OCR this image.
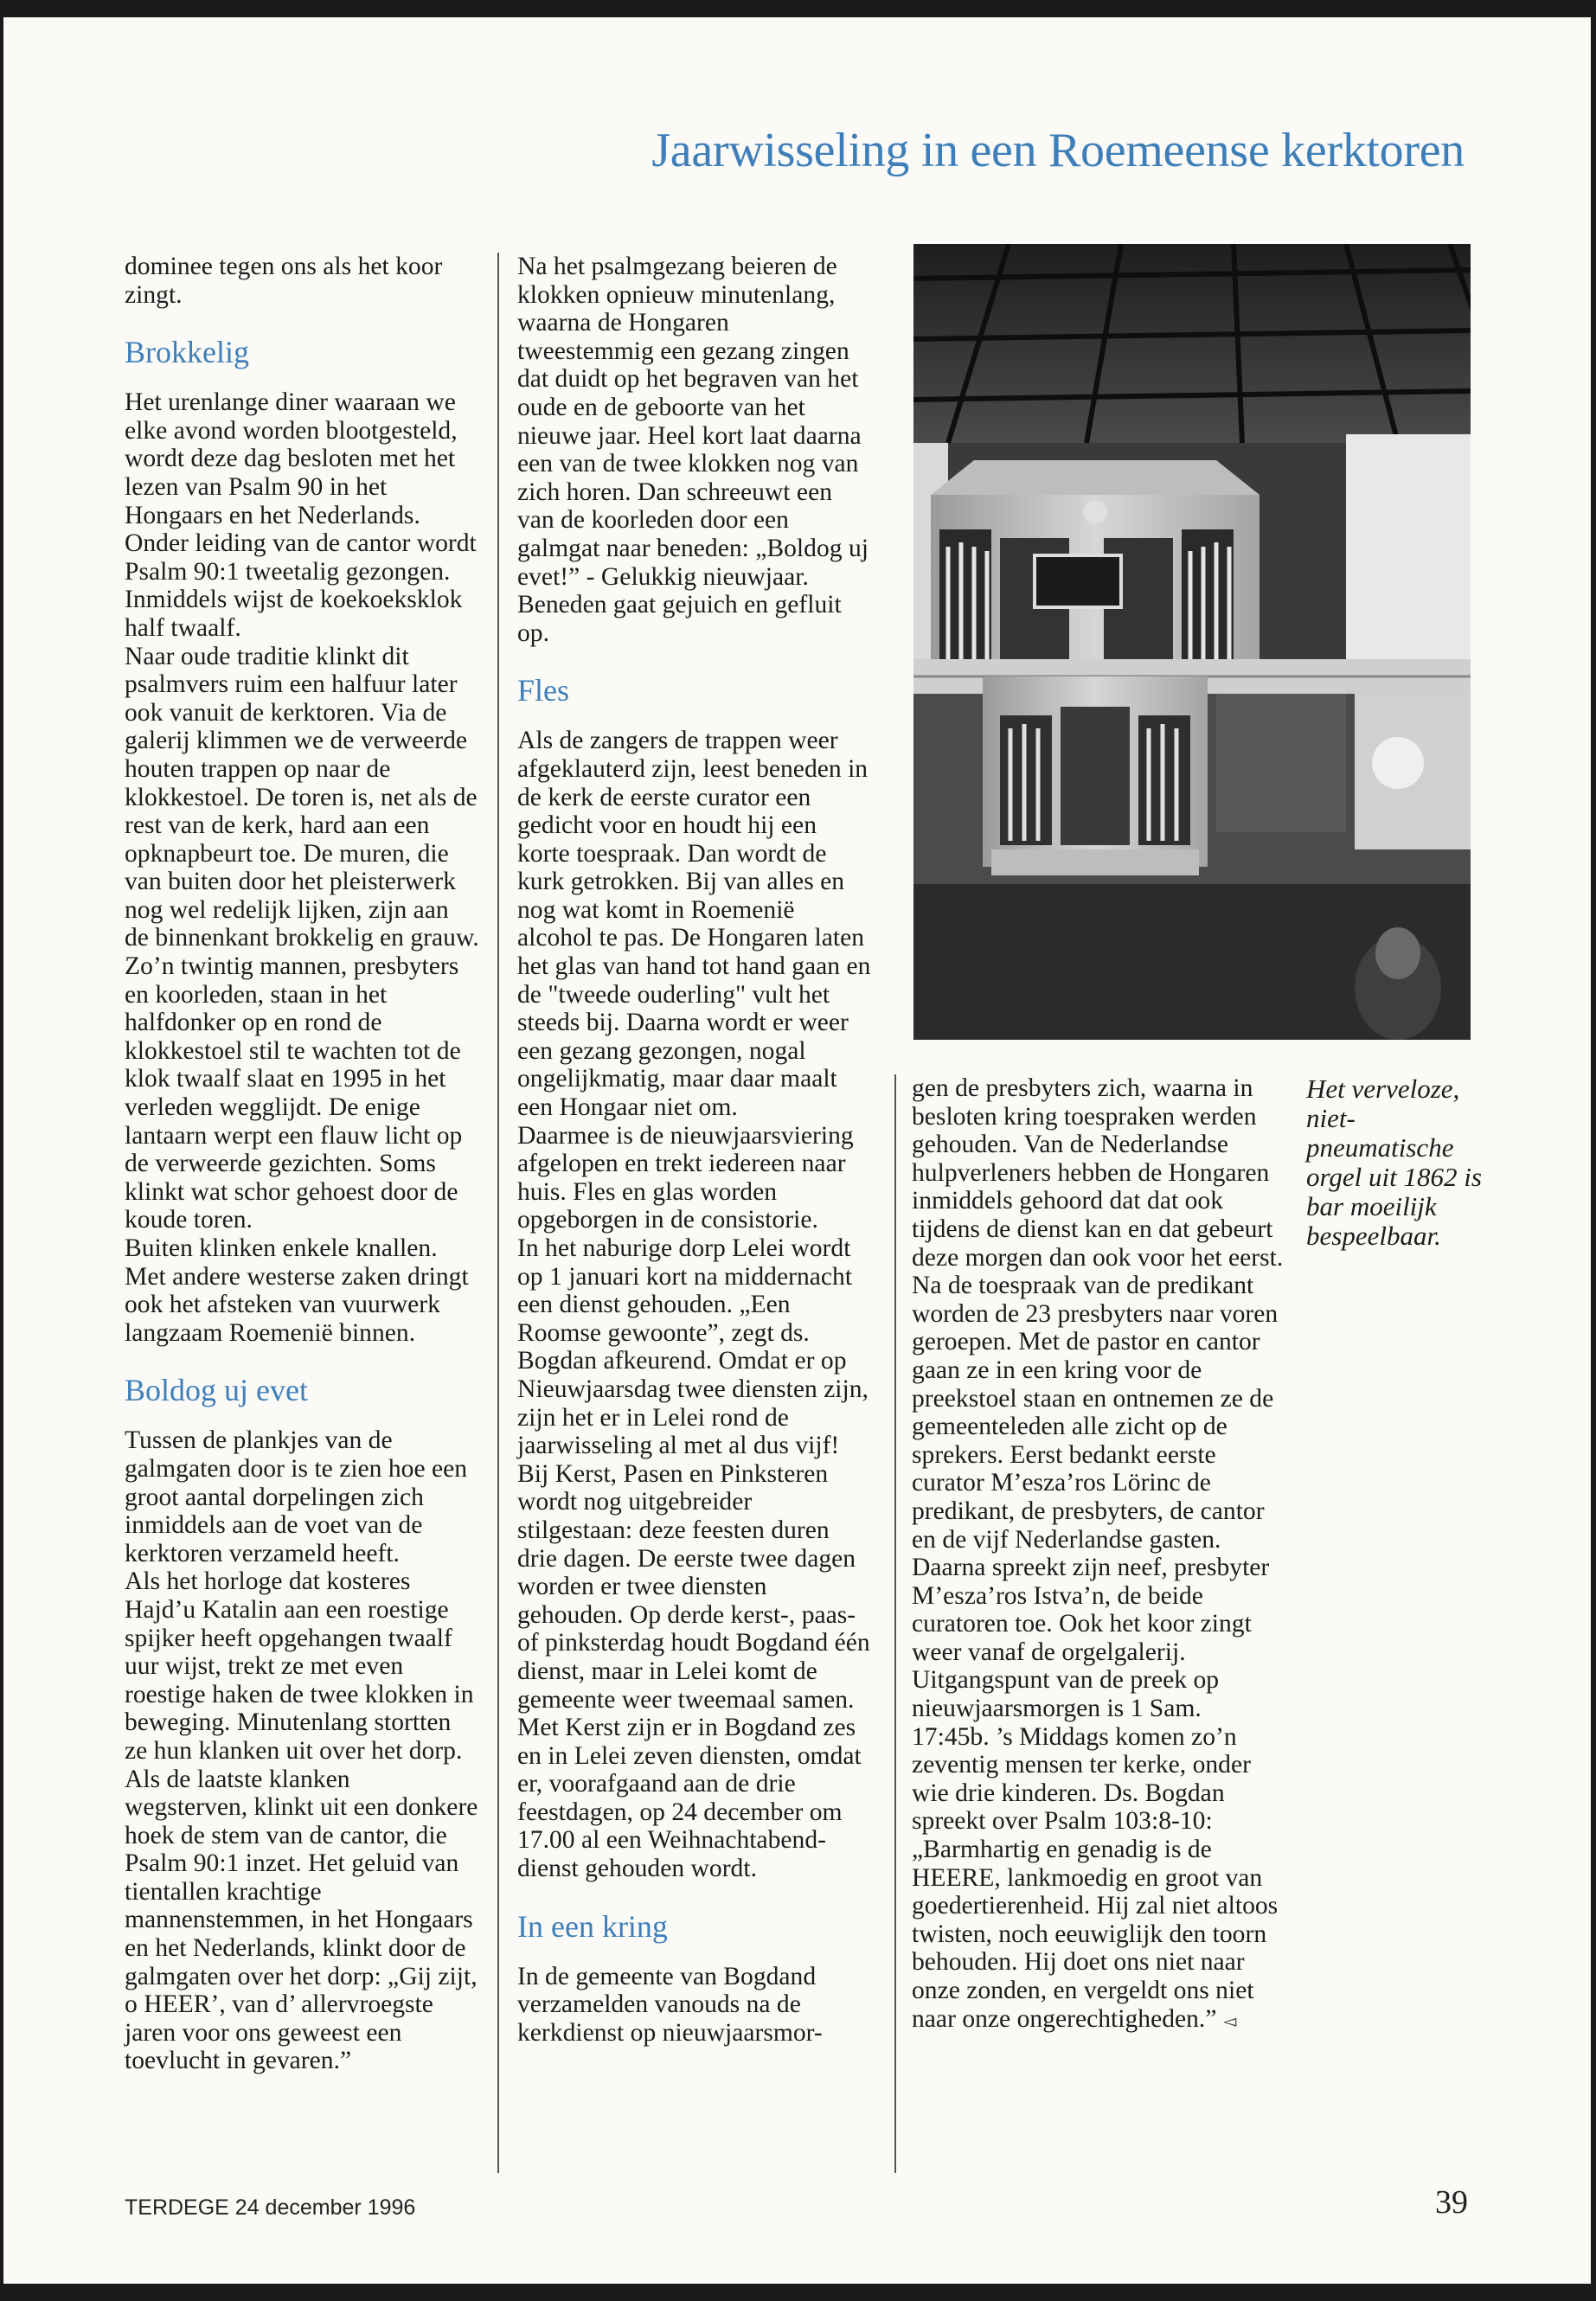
Jaarwisseling in een Roemeense kerktoren

dominee tegen ons als het koor zingt.

Brokkelig

Het urenlange diner waaraan we elke avond worden blootgesteld, wordt deze dag besloten met het lezen van Psalm 90 in het Hongaars en het Nederlands. Onder leiding van de cantor wordt Psalm 90:1 tweetalig gezongen. Inmiddels wijst de koekoeksklok half twaalf.

Naar oude traditie klinkt dit psalmvers ruim een halfuur later ook vanuit de kerktoren. Via de galerij klimmen we de verweerde houten trappen op naar de klokkestoel. De toren is, net als de rest van de kerk, hard aan een opknapbeurt toe. De muren, die van buiten door het pleisterwerk nog wel redelijk lijken, zijn aan de binnenkant brokkelig en grauw.

Zo’n twintig mannen, presbyters en koorleden, staan in het halfdonker op en rond de klokkestoel stil te wachten tot de klok twaalf slaat en 1995 in het verleden wegglijdt. De enige lantaarn werpt een flauw licht op de verweerde gezichten. Soms klinkt wat schor gehoest door de koude toren.

Buiten klinken enkele knallen. Met andere westerse zaken dringt ook het afsteken van vuurwerk langzaam Roemenië binnen.

Boldog uj evet

Tussen de plankjes van de galmgaten door is te zien hoe een groot aantal dorpelingen zich inmiddels aan de voet van de kerktoren verzameld heeft.

Als het horloge dat kosteres Hajd’u Katalin aan een roestige spijker heeft opgehangen twaalf uur wijst, trekt ze met even roestige haken de twee klokken in beweging. Minutenlang stortten ze hun klanken uit over het dorp. Als de laatste klanken wegsterven, klinkt uit een donkere hoek de stem van de cantor, die Psalm 90:1 inzet. Het geluid van tientallen krachtige mannenstemmen, in het Hongaars en het Nederlands, klinkt door de galmgaten over het dorp: „Gij zijt, o HEER’, van d’ allervroegste jaren voor ons geweest een toevlucht in gevaren.”

Na het psalmgezang beieren de klokken opnieuw minutenlang, waarna de Hongaren tweestemmig een gezang zingen dat duidt op het begraven van het oude en de geboorte van het nieuwe jaar. Heel kort laat daarna een van de twee klokken nog van zich horen. Dan schreeuwt een van de koorleden door een galmgat naar beneden: „Boldog uj evet!” - Gelukkig nieuwjaar. Beneden gaat gejuich en gefluit op.

Fles

Als de zangers de trappen weer afgeklauterd zijn, leest beneden in de kerk de eerste curator een gedicht voor en houdt hij een korte toespraak. Dan wordt de kurk getrokken. Bij van alles en nog wat komt in Roemenië alcohol te pas. De Hongaren laten het glas van hand tot hand gaan en de "tweede ouderling" vult het steeds bij. Daarna wordt er weer een gezang gezongen, nogal ongelijkmatig, maar daar maalt een Hongaar niet om.

Daarmee is de nieuwjaarsviering afgelopen en trekt iedereen naar huis. Fles en glas worden opgeborgen in de consistorie.

In het naburige dorp Lelei wordt op 1 januari kort na middernacht een dienst gehouden. „Een Roomse gewoonte”, zegt ds. Bogdan afkeurend. Omdat er op Nieuwjaarsdag twee diensten zijn, zijn het er in Lelei rond de jaarwisseling al met al dus vijf!

Bij Kerst, Pasen en Pinksteren wordt nog uitgebreider stilgestaan: deze feesten duren drie dagen. De eerste twee dagen worden er twee diensten gehouden. Op derde kerst-, paas- of pinksterdag houdt Bogdand één dienst, maar in Lelei komt de gemeente weer tweemaal samen. Met Kerst zijn er in Bogdand zes en in Lelei zeven diensten, omdat er, voorafgaand aan de drie feestdagen, op 24 december om 17.00 al een Weihnachtabend-dienst gehouden wordt.

In een kring

In de gemeente van Bogdand verzamelden vanouds na de kerkdienst op nieuwjaarsmor-

gen de presbyters zich, waarna in besloten kring toespraken werden gehouden. Van de Nederlandse hulpverleners hebben de Hongaren inmiddels gehoord dat dat ook tijdens de dienst kan en dat gebeurt deze morgen dan ook voor het eerst.

Na de toespraak van de predikant worden de 23 presbyters naar voren geroepen. Met de pastor en cantor gaan ze in een kring voor de preekstoel staan en ontnemen ze de gemeenteleden alle zicht op de sprekers. Eerst bedankt eerste curator M’esza’ros Lörinc de predikant, de presbyters, de cantor en de vijf Nederlandse gasten. Daarna spreekt zijn neef, presbyter M’esza’ros Istva’n, de beide curatoren toe. Ook het koor zingt weer vanaf de orgelgalerij.

Uitgangspunt van de preek op nieuwjaarsmorgen is 1 Sam. 17:45b. ’s Middags komen zo’n zeventig mensen ter kerke, onder wie drie kinderen. Ds. Bogdan spreekt over Psalm 103:8-10: „Barmhartig en genadig is de HEERE, lankmoedig en groot van goedertierenheid. Hij zal niet altoos twisten, noch eeuwiglijk den toorn behouden. Hij doet ons niet naar onze zonden, en vergeldt ons niet naar onze ongerechtigheden.” ◅

Het verveloze, niet-pneumatische orgel uit 1862 is bar moeilijk bespeelbaar.
TERDEGE 24 december 1996	39
